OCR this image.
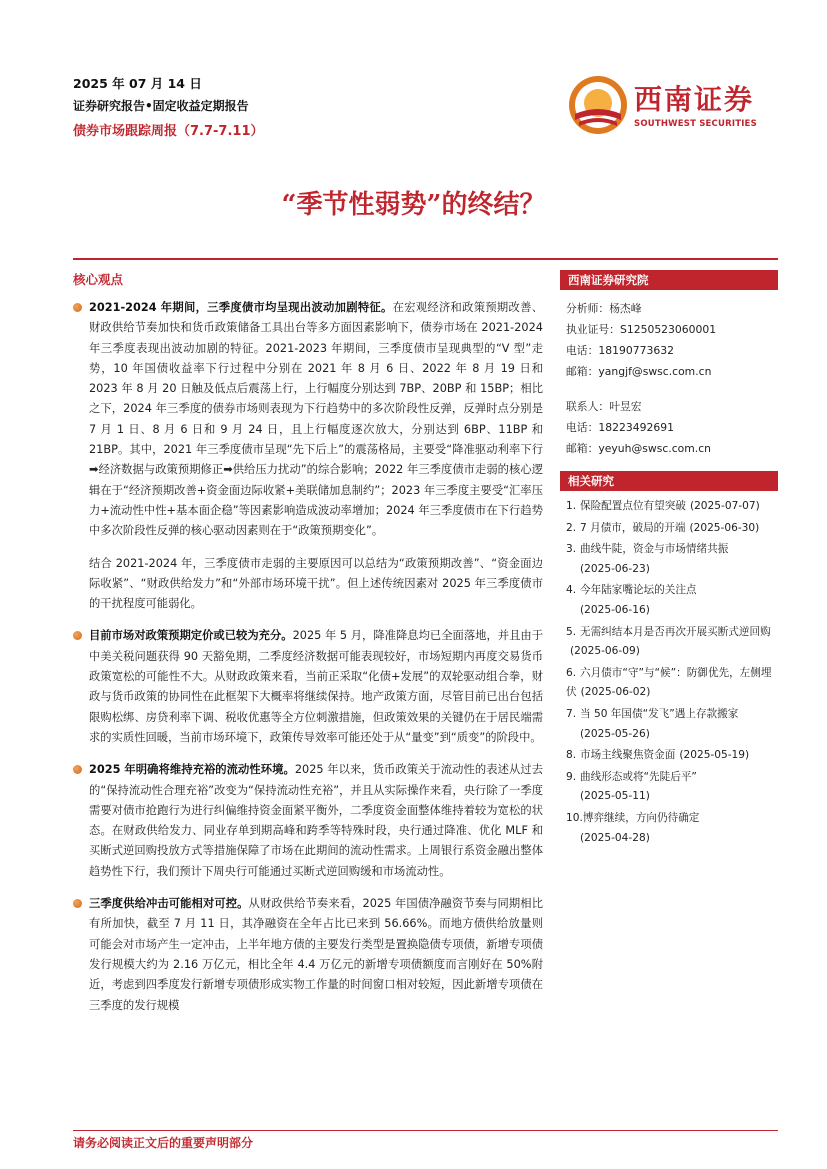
2025 年 07 月 14 日
证券研究报告•固定收益定期报告
债券市场跟踪周报（7.7-7.11）
西南证券
SOUTHWEST SECURITIES
“季节性弱势”的终结？
核心观点
2021-2024 年期间，三季度债市均呈现出波动加剧特征。在宏观经济和政策预期改善、财政供给节奏加快和货币政策储备工具出台等多方面因素影响下，债券市场在 2021-2024 年三季度表现出波动加剧的特征。2021-2023 年期间，三季度债市呈现典型的“V 型”走势，10 年国债收益率下行过程中分别在 2021 年 8 月 6 日、2022 年 8 月 19 日和 2023 年 8 月 20 日触及低点后震荡上行，上行幅度分别达到 7BP、20BP 和 15BP；相比之下，2024 年三季度的债券市场则表现为下行趋势中的多次阶段性反弹，反弹时点分别是 7 月 1 日、8 月 6 日和 9 月 24 日，且上行幅度逐次放大，分别达到 6BP、11BP 和 21BP。其中，2021 年三季度债市呈现“先下后上”的震荡格局，主要受“降准驱动利率下行➡经济数据与政策预期修正➡供给压力扰动”的综合影响；2022 年三季度债市走弱的核心逻辑在于“经济预期改善+资金面边际收紧+美联储加息制约”；2023 年三季度主要受“汇率压力+流动性中性+基本面企稳”等因素影响造成波动率增加；2024 年三季度债市在下行趋势中多次阶段性反弹的核心驱动因素则在于“政策预期变化”。
结合 2021-2024 年，三季度债市走弱的主要原因可以总结为“政策预期改善”、“资金面边际收紧”、“财政供给发力”和“外部市场环境干扰”。但上述传统因素对 2025 年三季度债市的干扰程度可能弱化。
目前市场对政策预期定价或已较为充分。2025 年 5 月，降准降息均已全面落地，并且由于中美关税问题获得 90 天豁免期，二季度经济数据可能表现较好，市场短期内再度交易货币政策宽松的可能性不大。从财政政策来看，当前正采取“化债+发展”的双轮驱动组合拳，财政与货币政策的协同性在此框架下大概率将继续保持。地产政策方面，尽管目前已出台包括限购松绑、房贷利率下调、税收优惠等全方位刺激措施，但政策效果的关键仍在于居民端需求的实质性回暖，当前市场环境下，政策传导效率可能还处于从“量变”到“质变”的阶段中。
2025 年明确将维持充裕的流动性环境。2025 年以来，货币政策关于流动性的表述从过去的“保持流动性合理充裕”改变为“保持流动性充裕”，并且从实际操作来看，央行除了一季度需要对债市抢跑行为进行纠偏维持资金面紧平衡外，二季度资金面整体维持着较为宽松的状态。在财政供给发力、同业存单到期高峰和跨季等特殊时段，央行通过降准、优化 MLF 和买断式逆回购投放方式等措施保障了市场在此期间的流动性需求。上周银行系资金融出整体趋势性下行，我们预计下周央行可能通过买断式逆回购缓和市场流动性。
三季度供给冲击可能相对可控。从财政供给节奏来看，2025 年国债净融资节奏与同期相比有所加快，截至 7 月 11 日，其净融资在全年占比已来到 56.66%。而地方债供给放量则可能会对市场产生一定冲击，上半年地方债的主要发行类型是置换隐债专项债，新增专项债发行规模大约为 2.16 万亿元，相比全年 4.4 万亿元的新增专项债额度而言刚好在 50%附近，考虑到四季度发行新增专项债形成实物工作量的时间窗口相对较短，因此新增专项债在三季度的发行规模
西南证券研究院
分析师：杨杰峰
执业证号：S1250523060001
电话：18190773632
邮箱：yangjf@swsc.com.cn
联系人：叶昱宏
电话：18223492691
邮箱：yeyuh@swsc.com.cn
相关研究
1. 保险配置点位有望突破 (2025-07-07)
2. 7 月债市，破局的开端 (2025-06-30)
3. 曲线牛陡，资金与市场情绪共振
(2025-06-23)
4. 今年陆家嘴论坛的关注点
(2025-06-16)
5. 无需纠结本月是否再次开展买断式逆回购(2025-06-09)
6. 六月债市“守”与“候”：防御优先，左侧埋伏 (2025-06-02)
7. 当 50 年国债“发飞”遇上存款搬家
(2025-05-26)
8. 市场主线聚焦资金面 (2025-05-19)
9. 曲线形态或将“先陡后平”
(2025-05-11)
10.博弈继续，方向仍待确定
(2025-04-28)
请务必阅读正文后的重要声明部分
